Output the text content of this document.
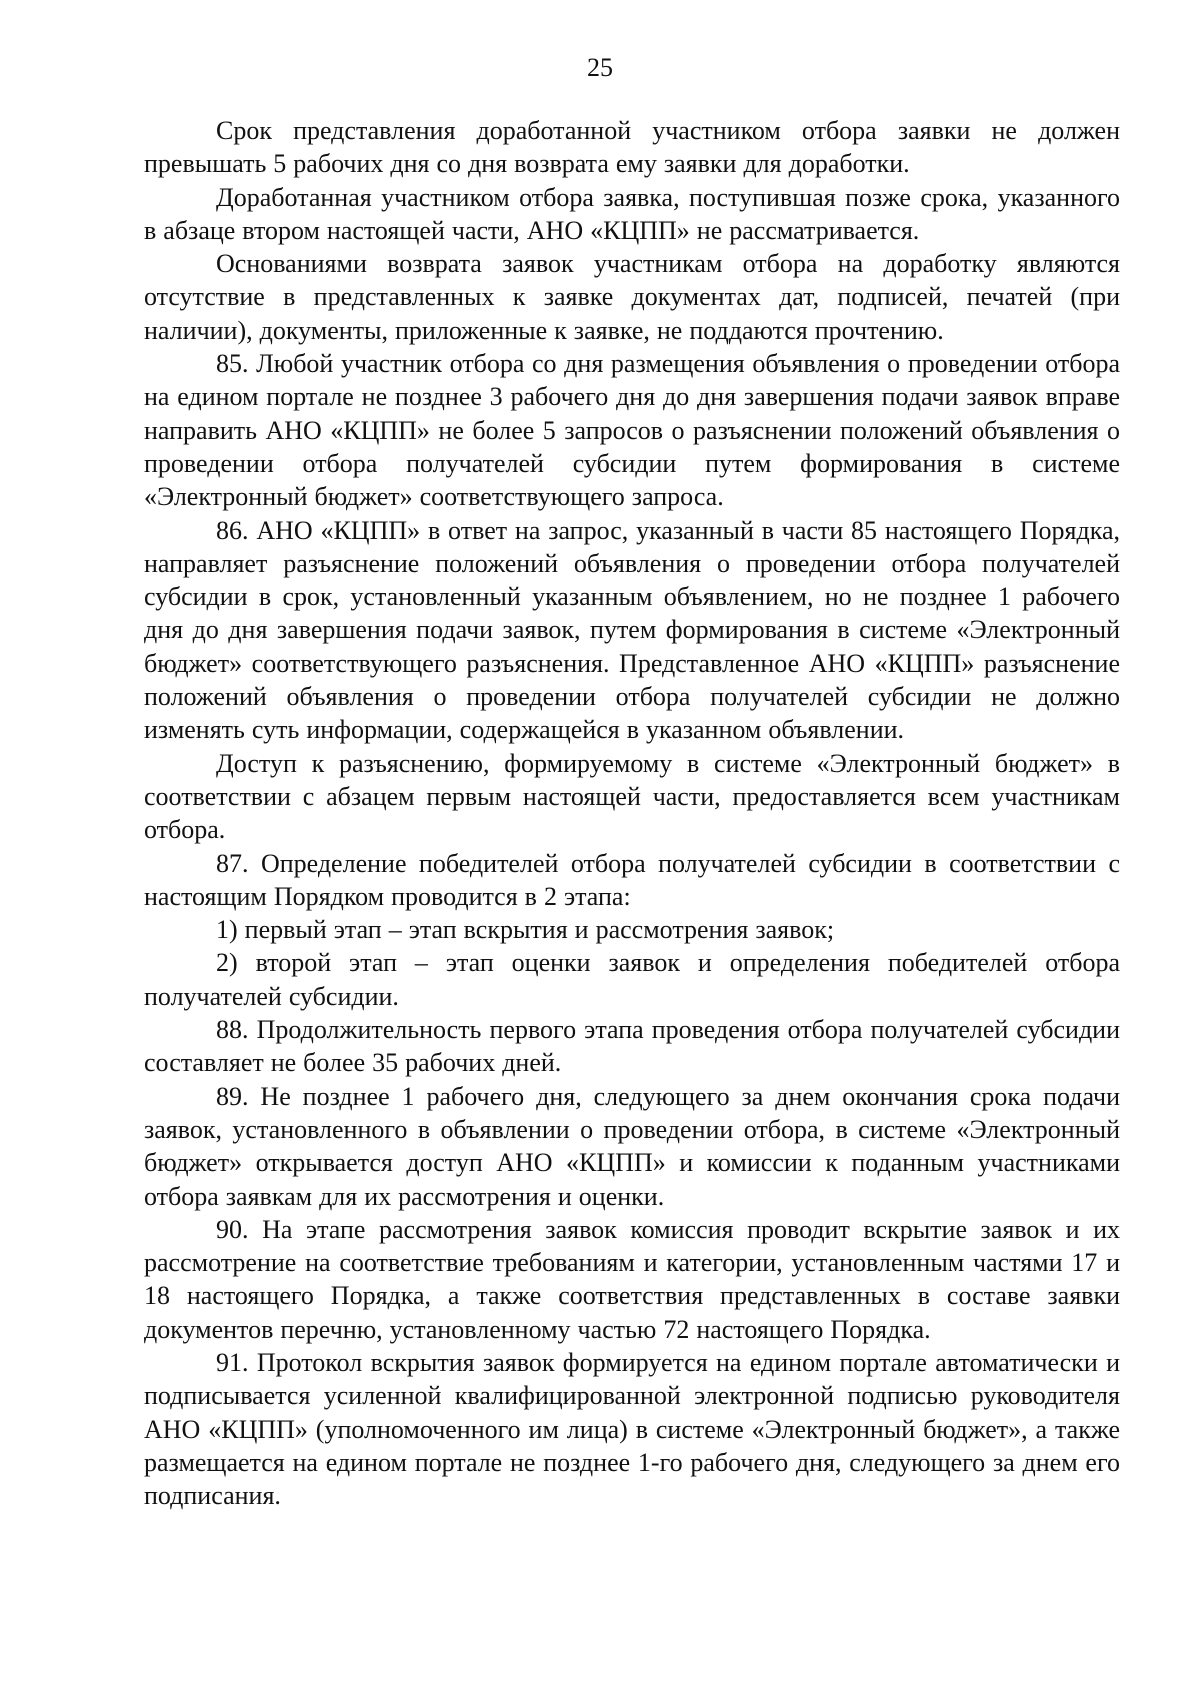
25

Срок представления доработанной участником отбора заявки не должен превышать 5 рабочих дня со дня возврата ему заявки для доработки.

Доработанная участником отбора заявка, поступившая позже срока, указанного в абзаце втором настоящей части, АНО «КЦПП» не рассматривается.

Основаниями возврата заявок участникам отбора на доработку являются отсутствие в представленных к заявке документах дат, подписей, печатей (при наличии), документы, приложенные к заявке, не поддаются прочтению.

85. Любой участник отбора со дня размещения объявления о проведении отбора на едином портале не позднее 3 рабочего дня до дня завершения подачи заявок вправе направить АНО «КЦПП» не более 5 запросов о разъяснении положений объявления о проведении отбора получателей субсидии путем формирования в системе «Электронный бюджет» соответствующего запроса.

86. АНО «КЦПП» в ответ на запрос, указанный в части 85 настоящего Порядка, направляет разъяснение положений объявления о проведении отбора получателей субсидии в срок, установленный указанным объявлением, но не позднее 1 рабочего дня до дня завершения подачи заявок, путем формирования в системе «Электронный бюджет» соответствующего разъяснения. Представленное АНО «КЦПП» разъяснение положений объявления о проведении отбора получателей субсидии не должно изменять суть информации, содержащейся в указанном объявлении.

Доступ к разъяснению, формируемому в системе «Электронный бюджет» в соответствии с абзацем первым настоящей части, предоставляется всем участникам отбора.

87. Определение победителей отбора получателей субсидии в соответствии с настоящим Порядком проводится в 2 этапа:

1) первый этап – этап вскрытия и рассмотрения заявок;

2) второй этап – этап оценки заявок и определения победителей отбора получателей субсидии.

88. Продолжительность первого этапа проведения отбора получателей субсидии составляет не более 35 рабочих дней.

89. Не позднее 1 рабочего дня, следующего за днем окончания срока подачи заявок, установленного в объявлении о проведении отбора, в системе «Электронный бюджет» открывается доступ АНО «КЦПП» и комиссии к поданным участниками отбора заявкам для их рассмотрения и оценки.

90. На этапе рассмотрения заявок комиссия проводит вскрытие заявок и их рассмотрение на соответствие требованиям и категории, установленным частями 17 и 18 настоящего Порядка, а также соответствия представленных в составе заявки документов перечню, установленному частью 72 настоящего Порядка.

91. Протокол вскрытия заявок формируется на едином портале автоматически и подписывается усиленной квалифицированной электронной подписью руководителя АНО «КЦПП» (уполномоченного им лица) в системе «Электронный бюджет», а также размещается на едином портале не позднее 1-го рабочего дня, следующего за днем его подписания.
